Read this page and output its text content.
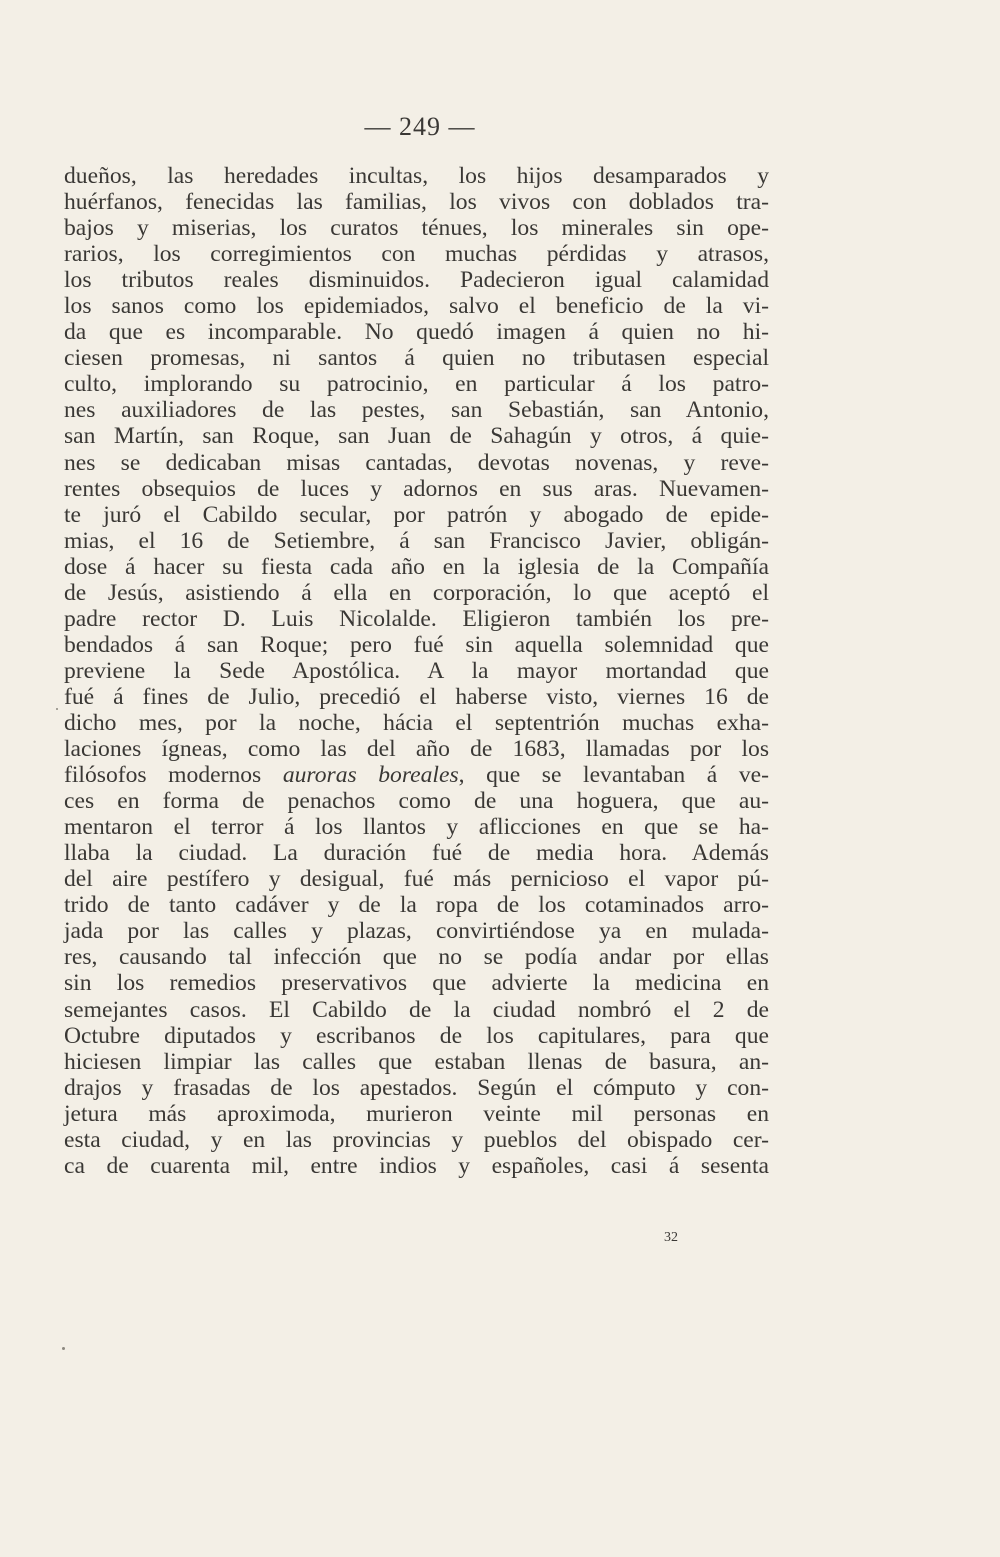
— 249 —
dueños, las heredades incultas, los hijos desamparados y
huérfanos, fenecidas las familias, los vivos con doblados tra-
bajos y miserias, los curatos ténues, los minerales sin ope-
rarios, los corregimientos con muchas pérdidas y atrasos,
los tributos reales disminuidos. Padecieron igual calamidad
los sanos como los epidemiados, salvo el beneficio de la vi-
da que es incomparable. No quedó imagen á quien no hi-
ciesen promesas, ni santos á quien no tributasen especial
culto, implorando su patrocinio, en particular á los patro-
nes auxiliadores de las pestes, san Sebastián, san Antonio,
san Martín, san Roque, san Juan de Sahagún y otros, á quie-
nes se dedicaban misas cantadas, devotas novenas, y reve-
rentes obsequios de luces y adornos en sus aras. Nuevamen-
te juró el Cabildo secular, por patrón y abogado de epide-
mias, el 16 de Setiembre, á san Francisco Javier, obligán-
dose á hacer su fiesta cada año en la iglesia de la Compañía
de Jesús, asistiendo á ella en corporación, lo que aceptó el
padre rector D. Luis Nicolalde. Eligieron también los pre-
bendados á san Roque; pero fué sin aquella solemnidad que
previene la Sede Apostólica. A la mayor mortandad que
fué á fines de Julio, precedió el haberse visto, viernes 16 de
dicho mes, por la noche, hácia el septentrión muchas exha-
laciones ígneas, como las del año de 1683, llamadas por los
filósofos modernos auroras boreales, que se levantaban á ve-
ces en forma de penachos como de una hoguera, que au-
mentaron el terror á los llantos y aflicciones en que se ha-
llaba la ciudad. La duración fué de media hora. Además
del aire pestífero y desigual, fué más pernicioso el vapor pú-
trido de tanto cadáver y de la ropa de los cotaminados arro-
jada por las calles y plazas, convirtiéndose ya en muladа-
res, causando tal infección que no se podía andar por ellas
sin los remedios preservativos que advierte la medicina en
semejantes casos. El Cabildo de la ciudad nombró el 2 de
Octubre diputados y escribanos de los capitulares, para que
hiciesen limpiar las calles que estaban llenas de basura, an-
drajos y frasadas de los apestados. Según el cómputo y con-
jetura más aproximoda, murieron veinte mil personas en
esta ciudad, y en las provincias y pueblos del obispado cer-
ca de cuarenta mil, entre indios y españoles, casi á sesenta
32
